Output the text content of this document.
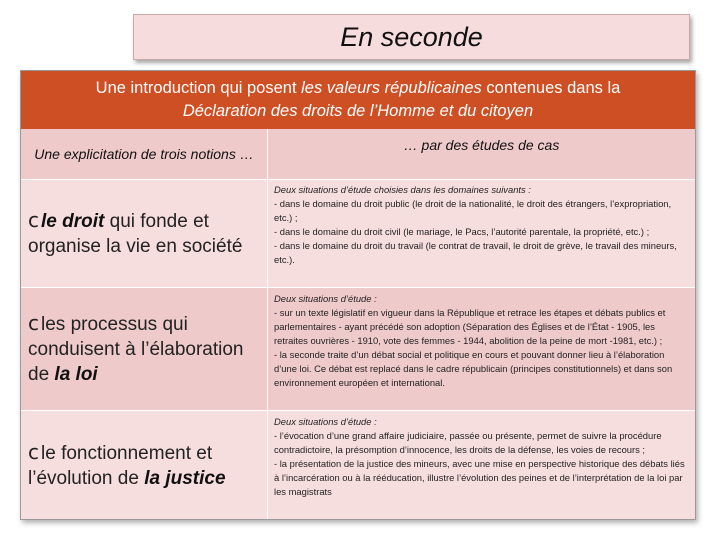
En seconde
Une introduction qui posent les valeurs républicaines contenues dans la
Déclaration des droits de l’Homme et du citoyen
Une explicitation de trois notions …
… par des études de cas
c le droit qui fonde et organise la vie en société
Deux situations d’étude choisies dans les domaines suivants :
- dans le domaine du droit public (le droit de la nationalité, le droit des étrangers, l’expropriation, etc.) ;
- dans le domaine du droit civil (le mariage, le Pacs, l’autorité parentale, la propriété, etc.) ;
- dans le domaine du droit du travail (le contrat de travail, le droit de grève, le travail des mineurs, etc.).
c les processus qui conduisent à l’élaboration de la loi
Deux situations d’étude :
- sur un texte législatif en vigueur dans la République et retrace les étapes et débats publics et parlementaires - ayant précédé son adoption (Séparation des Églises et de l’État - 1905, les retraites ouvrières - 1910, vote des femmes - 1944, abolition de la peine de mort -1981, etc.) ;
- la seconde traite d’un débat social et politique en cours et pouvant donner lieu à l’élaboration d’une loi. Ce débat est replacé dans le cadre républicain (principes constitutionnels) et dans son environnement européen et international.
c le fonctionnement et l’évolution de la justice
Deux situations d’étude :
- l’évocation d’une grand affaire judiciaire, passée ou présente, permet de suivre la procédure contradictoire, la présomption d’innocence, les droits de la défense, les voies de recours ;
- la présentation de la justice des mineurs, avec une mise en perspective historique des débats liés à l’incarcération ou à la rééducation, illustre l’évolution des peines et de l’interprétation de la loi par les magistrats
